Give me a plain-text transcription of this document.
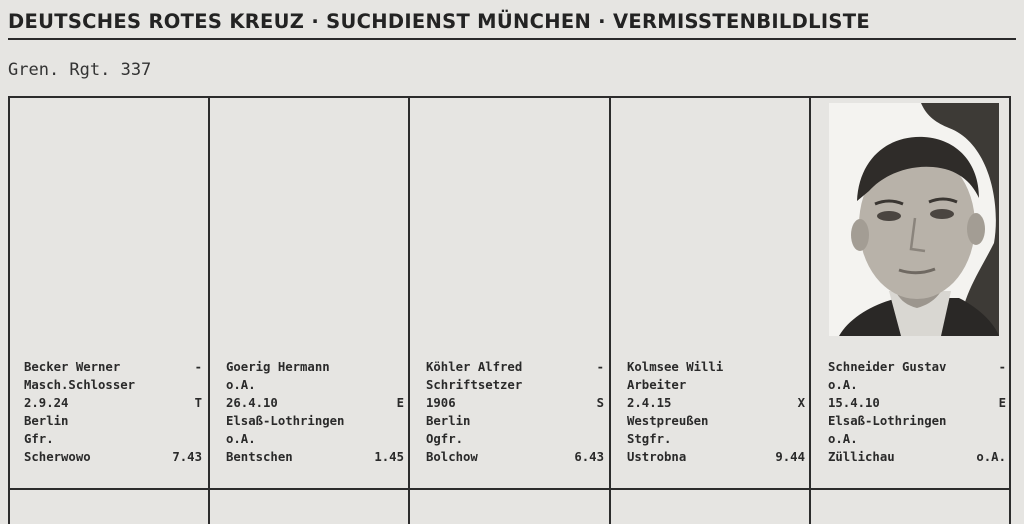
DEUTSCHES ROTES KREUZ · SUCHDIENST MÜNCHEN · VERMISSTENBILDLISTE
Gren. Rgt. 337
Becker Werner	-
Masch.Schlosser
2.9.24	T
Berlin
Gfr.
Scherwowo	7.43
Goerig Hermann
o.A.
26.4.10	E
Elsaß-Lothringen
o.A.
Bentschen	1.45
Köhler Alfred	-
Schriftsetzer
1906	S
Berlin
Ogfr.
Bolchow	6.43
Kolmsee Willi
Arbeiter
2.4.15	X
Westpreußen
Stgfr.
Ustrobna	9.44
Schneider Gustav	-
o.A.
15.4.10	E
Elsaß-Lothringen
o.A.
Züllichau	o.A.
